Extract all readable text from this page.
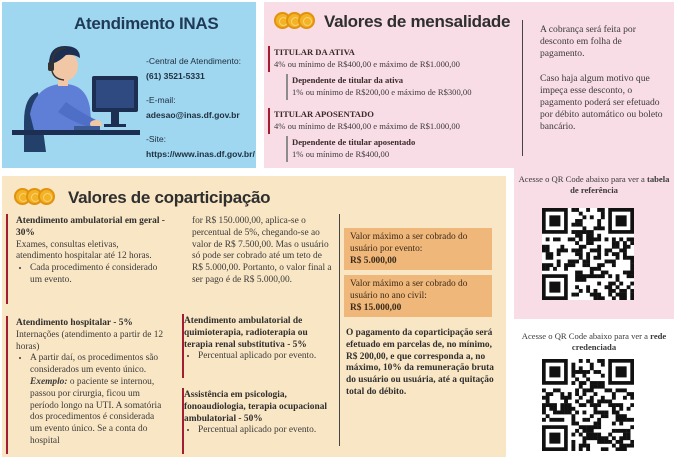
Atendimento INAS
-Central de Atendimento:
(61) 3521-5331
-E-mail:
adesao@inas.df.gov.br
-Site:
https://www.inas.df.gov.br/
Valores de mensalidade
TITULAR DA ATIVA
4% ou mínimo de R$400,00 e máximo de R$1.000,00
Dependente de titular da ativa
1% ou mínimo de R$200,00 e máximo de R$300,00
TITULAR APOSENTADO
4% ou mínimo de R$400,00 e máximo de R$1.000,00
Dependente de titular aposentado
1% ou mínimo de R$400,00
A cobrança será feita por desconto em folha de pagamento.
Caso haja algum motivo que impeça esse desconto, o pagamento poderá ser efetuado por débito automático ou boleto bancário.
Valores de coparticipação
Atendimento ambulatorial em geral - 30%
Exames, consultas eletivas, atendimento hospitalar até 12 horas.
• Cada procedimento é considerado um evento.
Atendimento hospitalar - 5%
Internações (atendimento a partir de 12 horas)
• A partir daí, os procedimentos são considerados um evento único. Exemplo: o paciente se internou, passou por cirurgia, ficou um período longo na UTI. A somatória dos procedimentos é considerada um evento único. Se a conta do hospital
for R$ 150.000,00, aplica-se o percentual de 5%, chegando-se ao valor de R$ 7.500,00. Mas o usuário só pode ser cobrado até um teto de R$ 5.000,00. Portanto, o valor final a ser pago é de R$ 5.000,00.
Atendimento ambulatorial de quimioterapia, radioterapia ou terapia renal substitutiva - 5%
• Percentual aplicado por evento.
Assistência em psicologia, fonoaudiologia, terapia ocupacional ambulatorial - 50%
• Percentual aplicado por evento.
Valor máximo a ser cobrado do usuário por evento:
R$ 5.000,00
Valor máximo a ser cobrado do usuário no ano civil:
R$ 15.000,00
O pagamento da coparticipação será efetuado em parcelas de, no mínimo, R$ 200,00, e que corresponda a, no máximo, 10% da remuneração bruta do usuário ou usuária, até a quitação total do débito.
Acesse o QR Code abaixo para ver a tabela de referência
Acesse o QR Code abaixo para ver a rede credenciada
